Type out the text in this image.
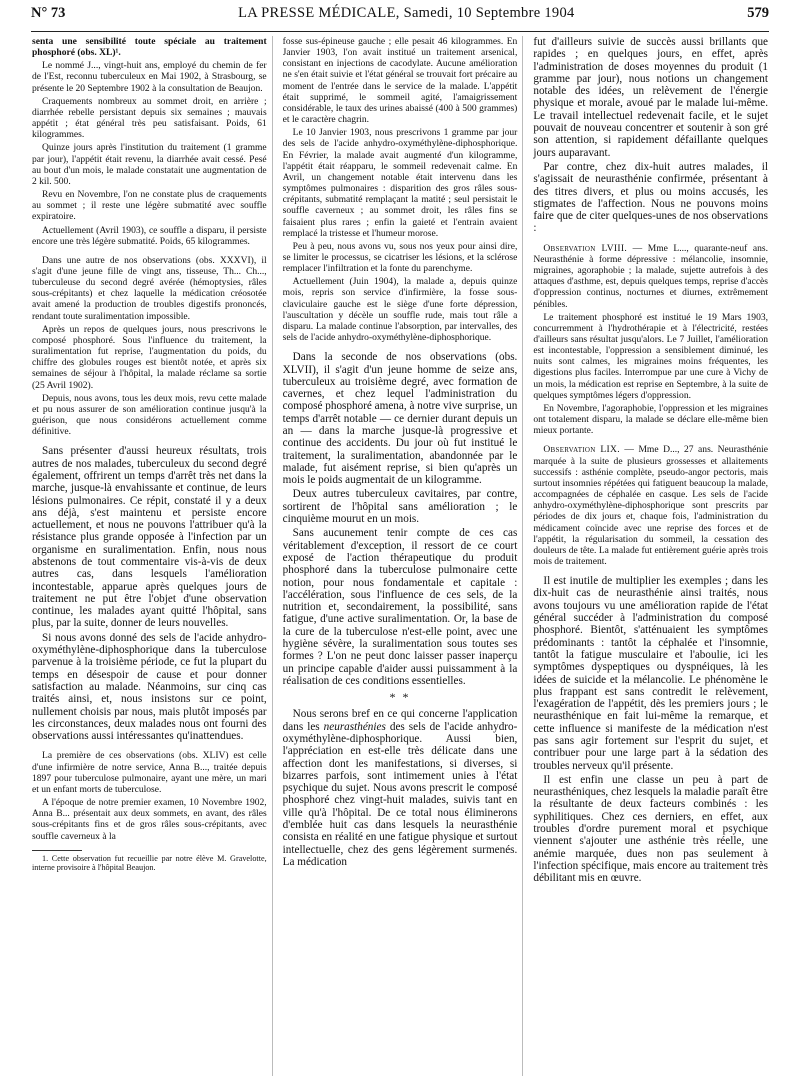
N° 73	LA PRESSE MÉDICALE, Samedi, 10 Septembre 1904	579

senta une sensibilité toute spéciale au traitement phosphoré (obs. XL)¹.

Le nommé J..., vingt-huit ans, employé du chemin de fer de l'Est, reconnu tuberculeux en Mai 1902, à Strasbourg, se présente le 20 Septembre 1902 à la consultation de Beaujon.

Craquements nombreux au sommet droit, en arrière ; diarrhée rebelle persistant depuis six semaines ; mauvais appétit ; état général très peu satisfaisant. Poids, 61 kilogrammes.

Quinze jours après l'institution du traitement (1 gramme par jour), l'appétit était revenu, la diarrhée avait cessé. Pesé au bout d'un mois, le malade constatait une augmentation de 2 kil. 500.

Revu en Novembre, l'on ne constate plus de craquements au sommet ; il reste une légère submatité avec souffle expiratoire.

Actuellement (Avril 1903), ce souffle a disparu, il persiste encore une très légère submatité. Poids, 65 kilogrammes.

Dans une autre de nos observations (obs. XXXVI), il s'agit d'une jeune fille de vingt ans, tisseuse, Th... Ch..., tuberculeuse du second degré avérée (hémoptysies, râles sous-crépitants) et chez laquelle la médication créosotée avait amené la production de troubles digestifs prononcés, rendant toute suralimentation impossible.

Après un repos de quelques jours, nous prescrivons le composé phosphoré. Sous l'influence du traitement, la suralimentation fut reprise, l'augmentation du poids, du chiffre des globules rouges est bientôt notée, et après six semaines de séjour à l'hôpital, la malade réclame sa sortie (25 Avril 1902).

Depuis, nous avons, tous les deux mois, revu cette malade et pu nous assurer de son amélioration continue jusqu'à la guérison, que nous considérons actuellement comme définitive.

Sans présenter d'aussi heureux résultats, trois autres de nos malades, tuberculeux du second degré également, offrirent un temps d'arrêt très net dans la marche, jusque-là envahissante et continue, de leurs lésions pulmonaires. Ce répit, constaté il y a deux ans déjà, s'est maintenu et persiste encore actuellement, et nous ne pouvons l'attribuer qu'à la résistance plus grande opposée à l'infection par un organisme en suralimentation. Enfin, nous nous abstenons de tout commentaire vis-à-vis de deux autres cas, dans lesquels l'amélioration incontestable, apparue après quelques jours de traitement ne put être l'objet d'une observation continue, les malades ayant quitté l'hôpital, sans plus, par la suite, donner de leurs nouvelles.

Si nous avons donné des sels de l'acide anhydro-oxyméthylène-diphosphorique dans la tuberculose parvenue à la troisième période, ce fut la plupart du temps en désespoir de cause et pour donner satisfaction au malade. Néanmoins, sur cinq cas traités ainsi, et, nous insistons sur ce point, nullement choisis par nous, mais plutôt imposés par les circonstances, deux malades nous ont fourni des observations aussi intéressantes qu'inattendues.

La première de ces observations (obs. XLIV) est celle d'une infirmière de notre service, Anna B..., traitée depuis 1897 pour tuberculose pulmonaire, ayant une mère, un mari et un enfant morts de tuberculose.

A l'époque de notre premier examen, 10 Novembre 1902, Anna B... présentait aux deux sommets, en avant, des râles sous-crépitants fins et de gros râles sous-crépitants, avec souffle caverneux à la

1. Cette observation fut recueillie par notre élève M. Gravelotte, interne provisoire à l'hôpital Beaujon.

fosse sus-épineuse gauche ; elle pesait 46 kilogrammes. En Janvier 1903, l'on avait institué un traitement arsenical, consistant en injections de cacodylate. Aucune amélioration ne s'en était suivie et l'état général se trouvait fort précaire au moment de l'entrée dans le service de la malade. L'appétit était supprimé, le sommeil agité, l'amaigrissement considérable, le taux des urines abaissé (400 à 500 grammes) et le caractère chagrin.

Le 10 Janvier 1903, nous prescrivons 1 gramme par jour des sels de l'acide anhydro-oxyméthylène-diphosphorique. En Février, la malade avait augmenté d'un kilogramme, l'appétit était réapparu, le sommeil redevenait calme. En Avril, un changement notable était intervenu dans les symptômes pulmonaires : disparition des gros râles sous-crépitants, submatité remplaçant la matité ; seul persistait le souffle caverneux ; au sommet droit, les râles fins se faisaient plus rares ; enfin la gaieté et l'entrain avaient remplacé la tristesse et l'humeur morose.

Peu à peu, nous avons vu, sous nos yeux pour ainsi dire, se limiter le processus, se cicatriser les lésions, et la sclérose remplacer l'infiltration et la fonte du parenchyme.

Actuellement (Juin 1904), la malade a, depuis quinze mois, repris son service d'infirmière, la fosse sous-claviculaire gauche est le siège d'une forte dépression, l'auscultation y décèle un souffle rude, mais tout râle a disparu. La malade continue l'absorption, par intervalles, des sels de l'acide anhydro-oxyméthylène-diphosphorique.

Dans la seconde de nos observations (obs. XLVII), il s'agit d'un jeune homme de seize ans, tuberculeux au troisième degré, avec formation de cavernes, et chez lequel l'administration du composé phosphoré amena, à notre vive surprise, un temps d'arrêt notable — ce dernier durant depuis un an — dans la marche jusque-là progressive et continue des accidents. Du jour où fut institué le traitement, la suralimentation, abandonnée par le malade, fut aisément reprise, si bien qu'après un mois le poids augmentait de un kilogramme.

Deux autres tuberculeux cavitaires, par contre, sortirent de l'hôpital sans amélioration ; le cinquième mourut en un mois.

Sans aucunement tenir compte de ces cas véritablement d'exception, il ressort de ce court exposé de l'action thérapeutique du produit phosphoré dans la tuberculose pulmonaire cette notion, pour nous fondamentale et capitale : l'accélération, sous l'influence de ces sels, de la nutrition et, secondairement, la possibilité, sans fatigue, d'une active suralimentation. Or, la base de la cure de la tuberculose n'est-elle point, avec une hygiène sévère, la suralimentation sous toutes ses formes ? L'on ne peut donc laisser passer inaperçu un principe capable d'aider aussi puissamment à la réalisation de ces conditions essentielles.

* *

Nous serons bref en ce qui concerne l'application dans les neurasthénies des sels de l'acide anhydro-oxyméthylène-diphosphorique. Aussi bien, l'appréciation en est-elle très délicate dans une affection dont les manifestations, si diverses, si bizarres parfois, sont intimement unies à l'état psychique du sujet. Nous avons prescrit le composé phosphoré chez vingt-huit malades, suivis tant en ville qu'à l'hôpital. De ce total nous éliminerons d'emblée huit cas dans lesquels la neurasthénie consista en réalité en une fatigue physique et surtout intellectuelle, chez des gens légèrement surmenés. La médication

fut d'ailleurs suivie de succès aussi brillants que rapides ; en quelques jours, en effet, après l'administration de doses moyennes du produit (1 gramme par jour), nous notions un changement notable des idées, un relèvement de l'énergie physique et morale, avoué par le malade lui-même. Le travail intellectuel redevenait facile, et le sujet pouvait de nouveau concentrer et soutenir à son gré son attention, si rapidement défaillante quelques jours auparavant.

Par contre, chez dix-huit autres malades, il s'agissait de neurasthénie confirmée, présentant à des titres divers, et plus ou moins accusés, les stigmates de l'affection. Nous ne pouvons moins faire que de citer quelques-unes de nos observations :

Observation LVIII. — Mme L..., quarante-neuf ans. Neurasthénie à forme dépressive : mélancolie, insomnie, migraines, agoraphobie ; la malade, sujette autrefois à des attaques d'asthme, est, depuis quelques temps, reprise d'accès d'oppression continus, nocturnes et diurnes, extrêmement pénibles.

Le traitement phosphoré est institué le 19 Mars 1903, concurremment à l'hydrothérapie et à l'électricité, restées d'ailleurs sans résultat jusqu'alors. Le 7 Juillet, l'amélioration est incontestable, l'oppression a sensiblement diminué, les nuits sont calmes, les migraines moins fréquentes, les digestions plus faciles. Interrompue par une cure à Vichy de un mois, la médication est reprise en Septembre, à la suite de quelques symptômes légers d'oppression.

En Novembre, l'agoraphobie, l'oppression et les migraines ont totalement disparu, la malade se déclare elle-même bien mieux portante.

Observation LIX. — Mme D..., 27 ans. Neurasthénie marquée à la suite de plusieurs grossesses et allaitements successifs : asthénie complète, pseudo-angor pectoris, mais surtout insomnies répétées qui fatiguent beaucoup la malade, accompagnées de céphalée en casque. Les sels de l'acide anhydro-oxyméthylène-diphosphorique sont prescrits par périodes de dix jours et, chaque fois, l'administration du médicament coïncide avec une reprise des forces et de l'appétit, la régularisation du sommeil, la cessation des douleurs de tête. La malade fut entièrement guérie après trois mois de traitement.

Il est inutile de multiplier les exemples ; dans les dix-huit cas de neurasthénie ainsi traités, nous avons toujours vu une amélioration rapide de l'état général succéder à l'administration du composé phosphoré. Bientôt, s'atténuaient les symptômes prédominants : tantôt la céphalée et l'insomnie, tantôt la fatigue musculaire et l'aboulie, ici les symptômes dyspeptiques ou dyspnéiques, là les idées de suicide et la mélancolie. Le phénomène le plus frappant est sans contredit le relèvement, l'exagération de l'appétit, dès les premiers jours ; le neurasthénique en fait lui-même la remarque, et cette influence si manifeste de la médication n'est pas sans agir fortement sur l'esprit du sujet, et contribuer pour une large part à la sédation des troubles nerveux qu'il présente.

Il est enfin une classe un peu à part de neurasthéniques, chez lesquels la maladie paraît être la résultante de deux facteurs combinés : les syphilitiques. Chez ces derniers, en effet, aux troubles d'ordre purement moral et psychique viennent s'ajouter une asthénie très réelle, une anémie marquée, dues non pas seulement à l'infection spécifique, mais encore au traitement très débilitant mis en œuvre.
